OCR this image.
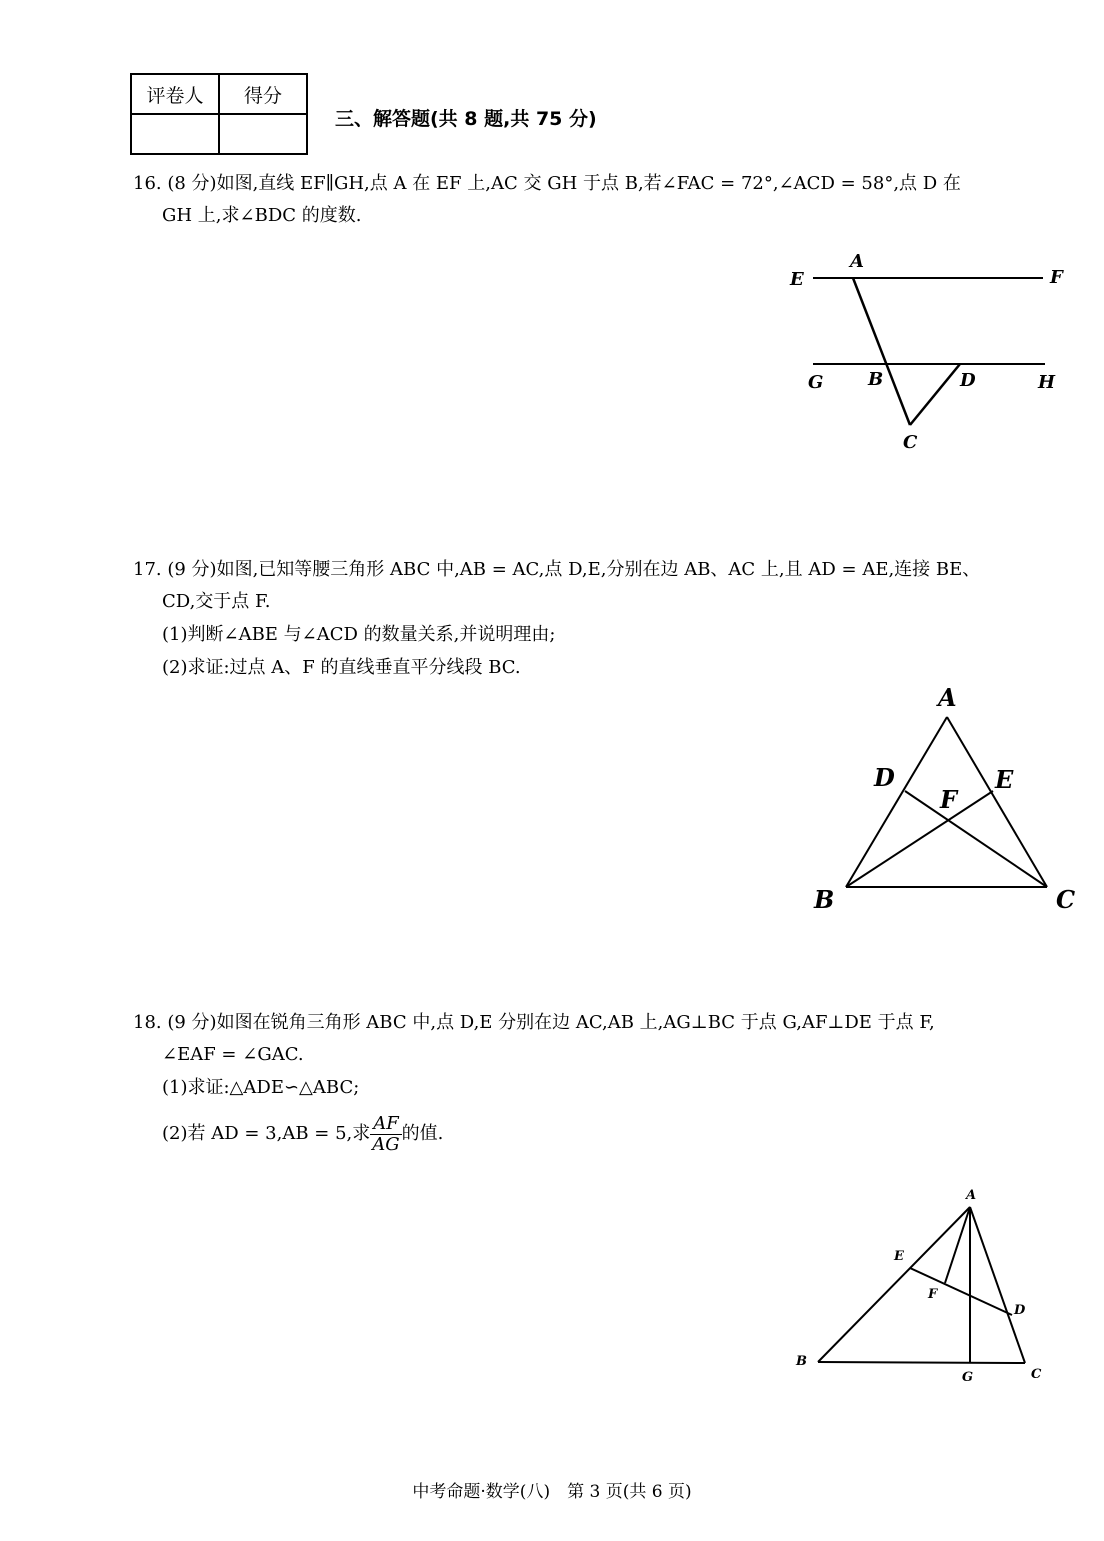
评卷人	得分

三、解答题(共 8 题,共 75 分)
16. (8 分)如图,直线 EF∥GH,点 A 在 EF 上,AC 交 GH 于点 B,若∠FAC = 72°,∠ACD = 58°,点 D 在
GH 上,求∠BDC 的度数.
E
A
F
G B	D	H
C
17. (9 分)如图,已知等腰三角形 ABC 中,AB = AC,点 D,E,分别在边 AB、AC 上,且 AD = AE,连接 BE、
CD,交于点 F.
(1)判断∠ABE 与∠ACD 的数量关系,并说明理由;
(2)求证:过点 A、F 的直线垂直平分线段 BC.
A
D	E
F
B	C
18. (9 分)如图在锐角三角形 ABC 中,点 D,E 分别在边 AC,AB 上,AG⊥BC 于点 G,AF⊥DE 于点 F,
∠EAF = ∠GAC.
(1)求证:△ADE∽△ABC;
(2)若 AD = 3,AB = 5,求 $\frac{AF}{AG}$ 的值.
A
E
F
D
B
G	C
中考命题·数学(八)　第 3 页(共 6 页)
